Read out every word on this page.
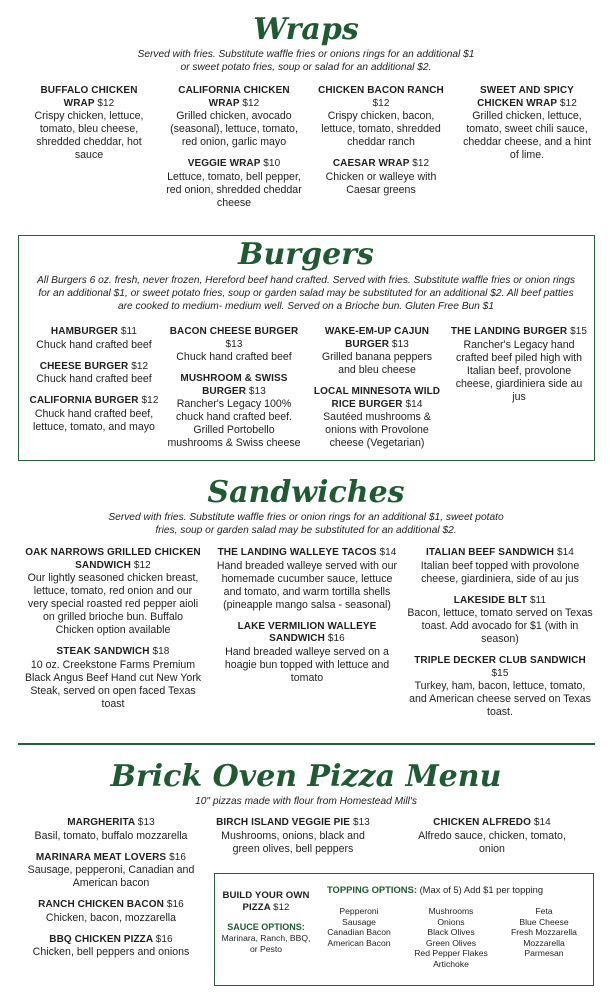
Wraps
Served with fries. Substitute waffle fries or onions rings for an additional $1
or sweet potato fries, soup or salad for an additional $2.
BUFFALO CHICKEN WRAP $12
Crispy chicken, lettuce, tomato, bleu cheese, shredded cheddar, hot sauce
CALIFORNIA CHICKEN WRAP $12
Grilled chicken, avocado (seasonal), lettuce, tomato, red onion, garlic mayo
VEGGIE WRAP $10
Lettuce, tomato, bell pepper, red onion, shredded cheddar cheese
CHICKEN BACON RANCH $12
Crispy chicken, bacon, lettuce, tomato, shredded cheddar ranch
CAESAR WRAP $12
Chicken or walleye with Caesar greens
SWEET AND SPICY CHICKEN WRAP $12
Grilled chicken, lettuce, tomato, sweet chili sauce, cheddar cheese, and a hint of lime.
Burgers
All Burgers 6 oz. fresh, never frozen, Hereford beef hand crafted. Served with fries. Substitute waffle fries or onion rings for an additional $1, or sweet potato fries, soup or garden salad may be substituted for an additional $2. All beef patties are cooked to medium- medium well. Served on a Brioche bun. Gluten Free Bun $1
HAMBURGER $11
Chuck hand crafted beef
CHEESE BURGER $12
Chuck hand crafted beef
CALIFORNIA BURGER $12
Chuck hand crafted beef, lettuce, tomato, and mayo
BACON CHEESE BURGER $13
Chuck hand crafted beef
MUSHROOM & SWISS BURGER $13
Rancher's Legacy 100% chuck hand crafted beef. Grilled Portobello mushrooms & Swiss cheese
WAKE-EM-UP CAJUN BURGER $13
Grilled banana peppers and bleu cheese
LOCAL MINNESOTA WILD RICE BURGER $14
Sautéed mushrooms & onions with Provolone cheese (Vegetarian)
THE LANDING BURGER $15
Rancher's Legacy hand crafted beef piled high with Italian beef, provolone cheese, giardiniera side au jus
Sandwiches
Served with fries. Substitute waffle fries or onion rings for an additional $1, sweet potato
fries, soup or garden salad may be substituted for an additional $2.
OAK NARROWS GRILLED CHICKEN SANDWICH $12
Our lightly seasoned chicken breast, lettuce, tomato, red onion and our very special roasted red pepper aioli on grilled brioche bun. Buffalo Chicken option available
STEAK SANDWICH $18
10 oz. Creekstone Farms Premium Black Angus Beef Hand cut New York Steak, served on open faced Texas toast
THE LANDING WALLEYE TACOS $14
Hand breaded walleye served with our homemade cucumber sauce, lettuce and tomato, and warm tortilla shells (pineapple mango salsa - seasonal)
LAKE VERMILION WALLEYE SANDWICH $16
Hand breaded walleye served on a hoagie bun topped with lettuce and tomato
ITALIAN BEEF SANDWICH $14
Italian beef topped with provolone cheese, giardiniera, side of au jus
LAKESIDE BLT $11
Bacon, lettuce, tomato served on Texas toast. Add avocado for $1 (with in season)
TRIPLE DECKER CLUB SANDWICH $15
Turkey, ham, bacon, lettuce, tomato, and American cheese served on Texas toast.
Brick Oven Pizza Menu
10" pizzas made with flour from Homestead Mill's
MARGHERITA $13
Basil, tomato, buffalo mozzarella
MARINARA MEAT LOVERS $16
Sausage, pepperoni, Canadian and American bacon
RANCH CHICKEN BACON $16
Chicken, bacon, mozzarella
BBQ CHICKEN PIZZA $16
Chicken, bell peppers and onions
BIRCH ISLAND VEGGIE PIE $13
Mushrooms, onions, black and green olives, bell peppers
CHICKEN ALFREDO $14
Alfredo sauce, chicken, tomato, onion
BUILD YOUR OWN PIZZA $12
SAUCE OPTIONS:
Marinara, Ranch, BBQ, or Pesto
TOPPING OPTIONS: (Max of 5) Add $1 per topping
Pepperoni
Sausage
Canadian Bacon
American Bacon
Mushrooms
Onions
Black Olives
Green Olives
Red Pepper Flakes
Artichoke
Feta
Blue Cheese
Fresh Mozzarella
Mozzarella
Parmesan
